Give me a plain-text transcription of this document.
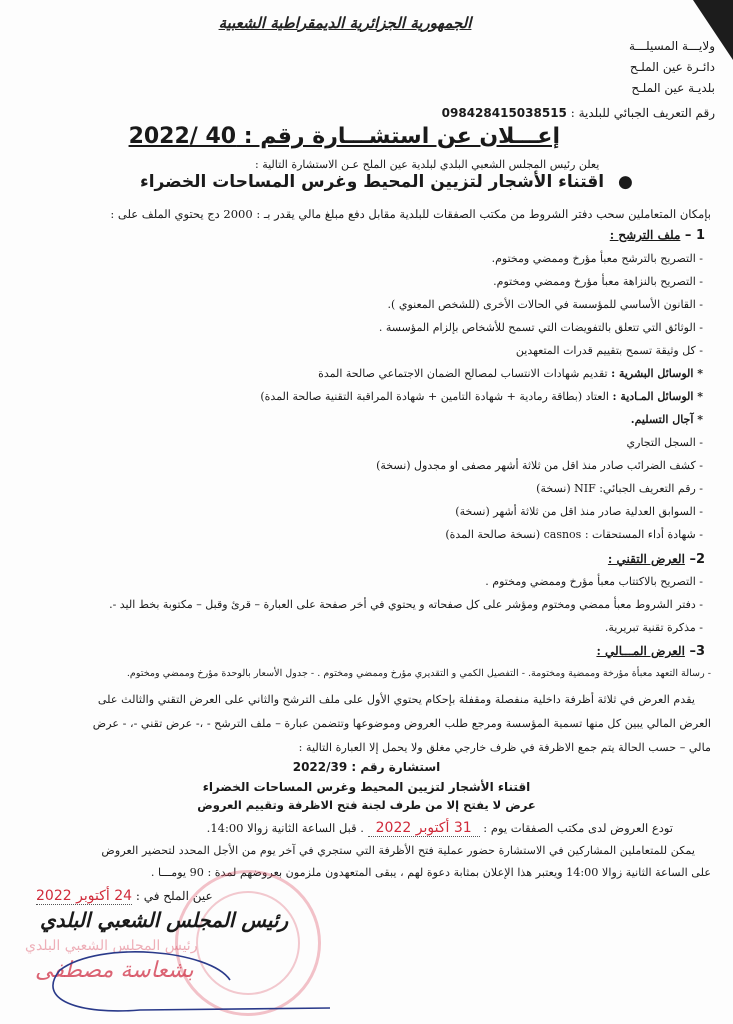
الجمهورية الجزائرية الديمقراطية الشعبية
ولايـــة المسيلـــة
دائـرة عين الملـح
بلديـة عين الملـح
رقم التعريف الجبائي للبلدية : 098428415038515
إعـــلان عن استشـــارة رقم : 40 /2022
يعلن رئيس المجلس الشعبي البلدي لبلدية عين الملح عـن الاستشارة التالية :
● اقتناء الأشجار لتزيين المحيط وغرس المساحات الخضراء
بإمكان المتعاملين سحب دفتر الشروط من مكتب الصفقات للبلدية مقابل دفع مبلغ مالي يقدر بـ : 2000 دج يحتوي الملف على :
1 – ملف الترشح :
- التصريح بالترشح معبأ مؤرخ وممضي ومختوم.
- التصريح بالنزاهة معبأ مؤرخ وممضي ومختوم.
- القانون الأساسي للمؤسسة في الحالات الأخرى (للشخص المعنوي ).
- الوثائق التي تتعلق بالتفويضات التي تسمح للأشخاص بإلزام المؤسسة .
- كل وثيقة تسمح بتقييم قدرات المتعهدين
* الوسائل البشرية : تقديم شهادات الانتساب لمصالح الضمان الاجتماعي صالحة المدة
* الوسائل المـادية : العتاد (بطاقة رمادية + شهادة التامين + شهادة المراقبة التقنية صالحة المدة)
* آجال التسليم.
- السجل التجاري
- كشف الضرائب صادر منذ اقل من ثلاثة أشهر مصفى او مجدول (نسخة)
- رقم التعريف الجبائي: NIF (نسخة)
- السوابق العدلية صادر منذ اقل من ثلاثة أشهر (نسخة)
- شهادة أداء المستحقات : casnos (نسخة صالحة المدة)
2– العرض التقني :
- التصريح بالاكتتاب معبأ مؤرخ وممضي ومختوم .
- دفتر الشروط معبأ ممضي ومختوم ومؤشر على كل صفحاته و يحتوي في أخر صفحة على العبارة – قرئ وقبل – مكتوبة بخط اليد -.
- مذكرة تقنية تبريرية.
3– العرض المـــالي :
- رسالة التعهد معبأة مؤرخة وممضية ومختومة. - التفصيل الكمي و التقديري مؤرخ وممضي ومختوم . - جدول الأسعار بالوحدة مؤرخ وممضي ومختوم.
يقدم العرض في ثلاثة أظرفة داخلية منفصلة ومقفلة بإحكام يحتوي الأول على ملف الترشح والثاني على العرض التقني والثالث على
العرض المالي يبين كل منها تسمية المؤسسة ومرجع طلب العروض وموضوعها وتتضمن عبارة – ملف الترشح - ،- عرض تقني -، - عرض
مالي – حسب الحالة يتم جمع الاظرفة في ظرف خارجي مغلق ولا يحمل إلا العبارة التالية :
استشارة رقم : 2022/39
اقتناء الأشجار لتزيين المحيط وغرس المساحات الخضراء
عرض لا يفتح إلا من طرف لجنة فتح الاظرفة وتقييم العروض
تودع العروض لدى مكتب الصفقات يوم : 31 أكتوبر 2022 . قبل الساعة الثانية زوالا 14:00.
يمكن للمتعاملين المشاركين في الاستشارة حضور عملية فتح الأظرفة التي ستجري في آخر يوم من الأجل المحدد لتحضير العروض
على الساعة الثانية زوالا 14:00 ويعتبر هذا الإعلان بمثابة دعوة لهم ، يبقى المتعهدون ملزمون بعروضهم لمدة : 90 يومـــا .
عين الملح في : 24 أكتوبر 2022
رئيس المجلس الشعبي البلدي
رئيس المجلس الشعبي البلدي
بشعاسة مصطفى
